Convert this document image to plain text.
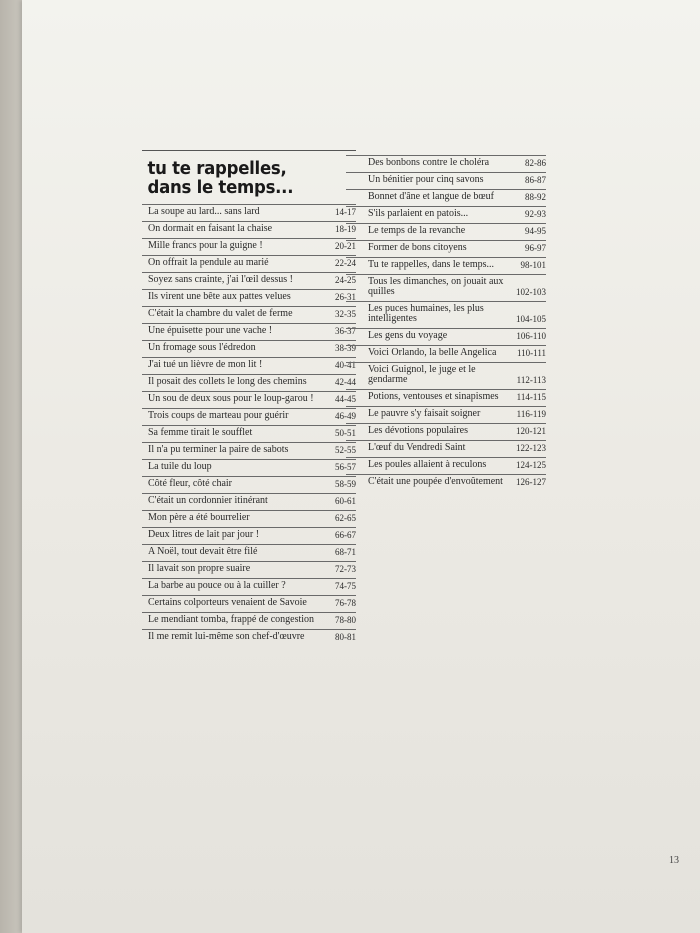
tu te rappelles,
dans le temps...
La soupe au lard... sans lard	14-17
On dormait en faisant la chaise	18-19
Mille francs pour la guigne !	20-21
On offrait la pendule au marié	22-24
Soyez sans crainte, j'ai l'œil dessus !	24-25
Ils virent une bête aux pattes velues	26-31
C'était la chambre du valet de ferme	32-35
Une épuisette pour une vache !	36-37
Un fromage sous l'édredon	38-39
J'ai tué un lièvre de mon lit !	40-41
Il posait des collets le long des chemins	42-44
Un sou de deux sous pour le loup-garou !	44-45
Trois coups de marteau pour guérir	46-49
Sa femme tirait le soufflet	50-51
Il n'a pu terminer la paire de sabots	52-55
La tuile du loup	56-57
Côté fleur, côté chair	58-59
C'était un cordonnier itinérant	60-61
Mon père a été bourrelier	62-65
Deux litres de lait par jour !	66-67
A Noël, tout devait être filé	68-71
Il lavait son propre suaire	72-73
La barbe au pouce ou à la cuiller ?	74-75
Certains colporteurs venaient de Savoie	76-78
Le mendiant tomba, frappé de congestion	78-80
Il me remit lui-même son chef-d'œuvre	80-81
Des bonbons contre le choléra	82-86
Un bénitier pour cinq savons	86-87
Bonnet d'âne et langue de bœuf	88-92
S'ils parlaient en patois...	92-93
Le temps de la revanche	94-95
Former de bons citoyens	96-97
Tu te rappelles, dans le temps...	98-101
Tous les dimanches, on jouait aux quilles	102-103
Les puces humaines, les plus intelligentes	104-105
Les gens du voyage	106-110
Voici Orlando, la belle Angelica	110-111
Voici Guignol, le juge et le gendarme	112-113
Potions, ventouses et sinapismes	114-115
Le pauvre s'y faisait soigner	116-119
Les dévotions populaires	120-121
L'œuf du Vendredi Saint	122-123
Les poules allaient à reculons	124-125
C'était une poupée d'envoûtement	126-127
13
